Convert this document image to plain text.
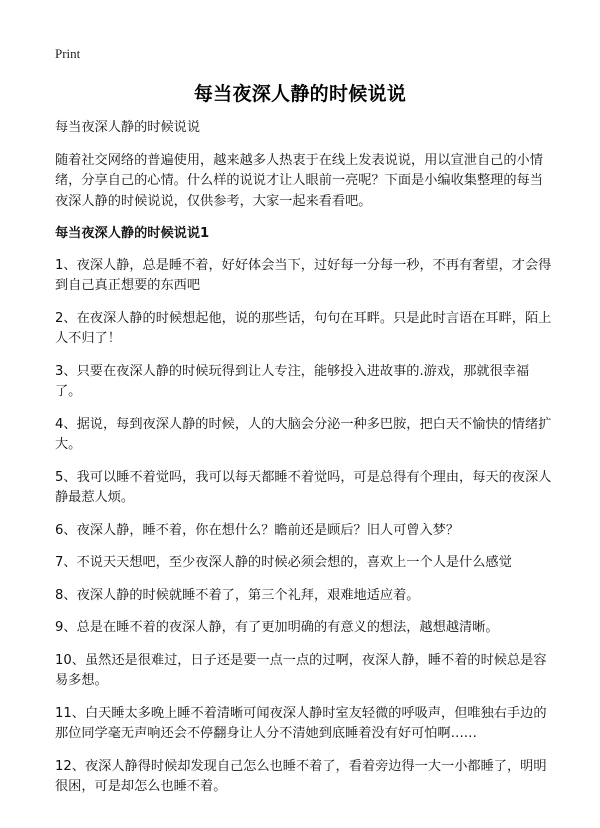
Print
每当夜深人静的时候说说

每当夜深人静的时候说说

随着社交网络的普遍使用，越来越多人热衷于在线上发表说说，用以宣泄自己的小情绪，分享自己的心情。什么样的说说才让人眼前一亮呢？下面是小编收集整理的每当夜深人静的时候说说，仅供参考，大家一起来看看吧。

每当夜深人静的时候说说1

1、夜深人静，总是睡不着，好好体会当下，过好每一分每一秒，不再有奢望，才会得到自己真正想要的东西吧

2、在夜深人静的时候想起他，说的那些话，句句在耳畔。只是此时言语在耳畔，陌上人不归了！

3、只要在夜深人静的时候玩得到让人专注，能够投入进故事的.游戏，那就很幸福了。

4、据说，每到夜深人静的时候，人的大脑会分泌一种多巴胺，把白天不愉快的情绪扩大。

5、我可以睡不着觉吗，我可以每天都睡不着觉吗，可是总得有个理由，每天的夜深人静最惹人烦。

6、夜深人静，睡不着，你在想什么？瞻前还是顾后？旧人可曾入梦？

7、不说天天想吧，至少夜深人静的时候必须会想的，喜欢上一个人是什么感觉

8、夜深人静的时候就睡不着了，第三个礼拜，艰难地适应着。

9、总是在睡不着的夜深人静，有了更加明确的有意义的想法，越想越清晰。

10、虽然还是很难过，日子还是要一点一点的过啊，夜深人静，睡不着的时候总是容易多想。

11、白天睡太多晚上睡不着清晰可闻夜深人静时室友轻微的呼吸声，但唯独右手边的那位同学毫无声响还会不停翻身让人分不清她到底睡着没有好可怕啊……

12、夜深人静得时候却发现自己怎么也睡不着了，看着旁边得一大一小都睡了，明明很困，可是却怎么也睡不着。
